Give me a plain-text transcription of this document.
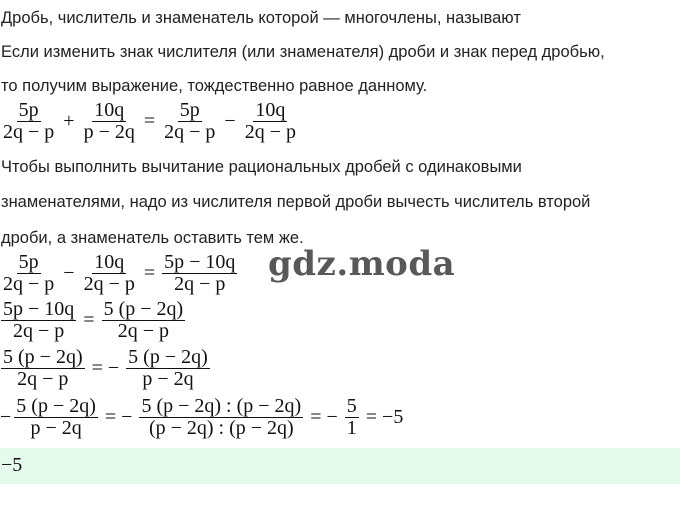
Дробь, числитель и знаменатель которой — многочлены, называют
Если изменить знак числителя (или знаменателя) дроби и знак перед дробью,
то получим выражение, тождественно равное данному.
$\frac{5p}{2q - p} + \frac{10q}{p - 2q} = \frac{5p}{2q - p} - \frac{10q}{2q - p}$
Чтобы выполнить вычитание рациональных дробей с одинаковыми
знаменателями, надо из числителя первой дроби вычесть числитель второй
дроби, а знаменатель оставить тем же.
$\frac{5p}{2q - p} - \frac{10q}{2q - p} = \frac{5p - 10q}{2q - p}$
$\frac{5p - 10q}{2q - p} = \frac{5 (p - 2q)}{2q - p}$
$\frac{5 (p - 2q)}{2q - p}$ = − $\frac{5 (p - 2q)}{p - 2q}$
− $\frac{5 (p - 2q)}{p - 2q}$ = − $\frac{5 (p - 2q) : (p - 2q)}{(p - 2q) : (p - 2q)}$ = − $\frac{5}{1} = -5$
−5
gdz.moda
